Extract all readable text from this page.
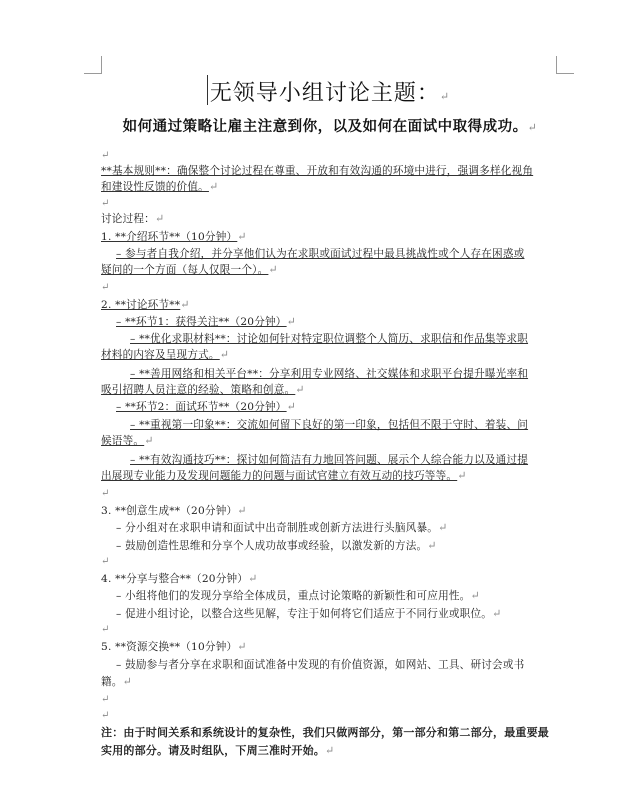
无领导小组讨论主题：↵
如何通过策略让雇主注意到你，以及如何在面试中取得成功。↵
↵
**基本规则**：确保整个讨论过程在尊重、开放和有效沟通的环境中进行，强调多样化视角
和建设性反馈的价值。↵
↵
讨论过程：↵
1. **介绍环节**（10分钟）↵
– 参与者自我介绍，并分享他们认为在求职或面试过程中最具挑战性或个人存在困惑或
疑问的一个方面（每人仅限一个）。↵
↵
2. **讨论环节**↵
– **环节1：获得关注**（20分钟）↵
– **优化求职材料**：讨论如何针对特定职位调整个人简历、求职信和作品集等求职
材料的内容及呈现方式。↵
– **善用网络和相关平台**：分享利用专业网络、社交媒体和求职平台提升曝光率和
吸引招聘人员注意的经验、策略和创意。↵
– **环节2：面试环节**（20分钟）↵
– **重视第一印象**：交流如何留下良好的第一印象，包括但不限于守时、着装、问
候语等。↵
– **有效沟通技巧**：探讨如何简洁有力地回答问题、展示个人综合能力以及通过提
出展现专业能力及发现问题能力的问题与面试官建立有效互动的技巧等等。↵
↵
3. **创意生成**（20分钟）↵
– 分小组对在求职申请和面试中出奇制胜或创新方法进行头脑风暴。↵
– 鼓励创造性思维和分享个人成功故事或经验，以激发新的方法。↵
↵
4. **分享与整合**（20分钟）↵
– 小组将他们的发现分享给全体成员，重点讨论策略的新颖性和可应用性。↵
– 促进小组讨论，以整合这些见解，专注于如何将它们适应于不同行业或职位。↵
↵
5. **资源交换**（10分钟）↵
– 鼓励参与者分享在求职和面试准备中发现的有价值资源，如网站、工具、研讨会或书
籍。↵
↵
↵
注：由于时间关系和系统设计的复杂性，我们只做两部分，第一部分和第二部分，最重要最
实用的部分。请及时组队，下周三准时开始。↵
